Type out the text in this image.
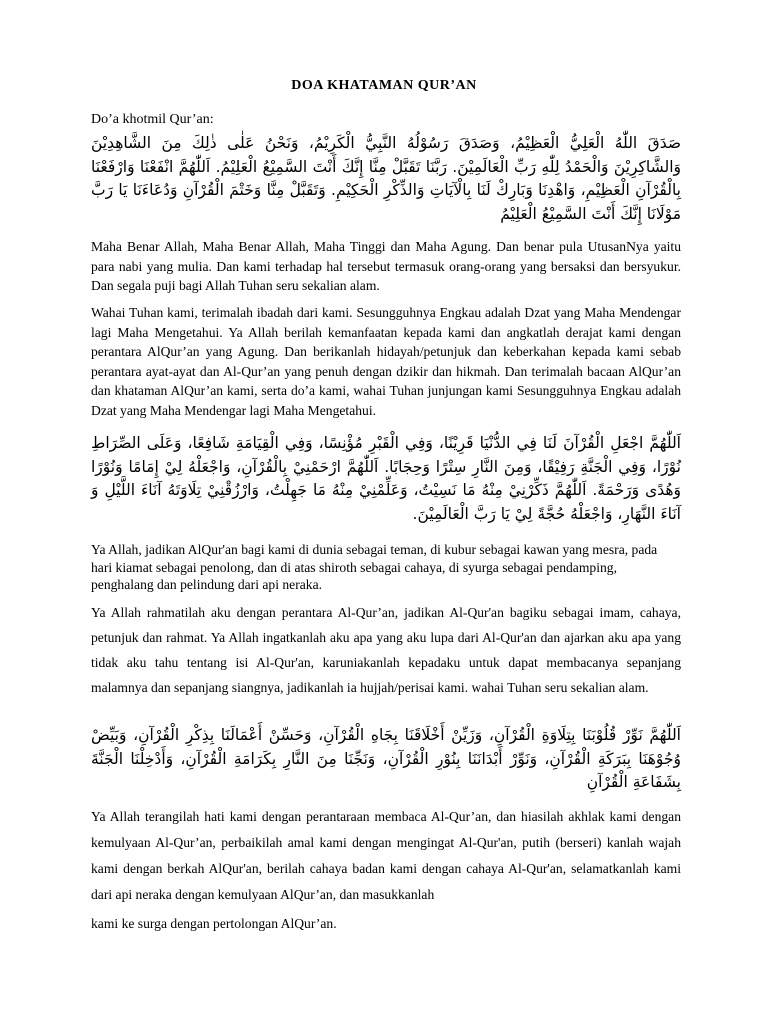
DOA KHATAMAN QUR’AN
Do’a khotmil Qur’an:
صَدَقَ اللّٰهُ الْعَلِيُّ الْعَظِيْمُ، وَصَدَقَ رَسُوْلُهُ النَّبِيُّ الْكَرِيْمُ، وَنَحْنُ عَلٰى ذٰلِكَ مِنَ الشَّاهِدِيْنَ وَالشَّاكِرِيْنَ وَالْحَمْدُ لِلّٰهِ رَبِّ الْعَالَمِيْنَ. رَبَّنَا تَقَبَّلْ مِنَّا إِنَّكَ أَنْتَ السَّمِيْعُ الْعَلِيْمُ. اَللّٰهُمَّ انْفَعْنَا وَارْفَعْنَا بِالْقُرْآنِ الْعَظِيْمِ، وَاهْدِنَا وَبَارِكْ لَنَا بِالْآيَاتِ وَالذِّكْرِ الْحَكِيْمِ. وَتَقَبَّلْ مِنَّا وَخَتْمَ الْقُرْآنِ وَدُعَاءَنَا يَا رَبَّ مَوْلَانَا إِنَّكَ أَنْتَ السَّمِيْعُ الْعَلِيْمُ
Maha Benar Allah, Maha Benar Allah, Maha Tinggi dan Maha Agung. Dan benar pula UtusanNya yaitu para nabi yang mulia. Dan kami terhadap hal tersebut termasuk orang-orang yang bersaksi dan bersyukur. Dan segala puji bagi Allah Tuhan seru sekalian alam.
Wahai Tuhan kami, terimalah ibadah dari kami. Sesungguhnya Engkau adalah Dzat yang Maha Mendengar lagi Maha Mengetahui. Ya Allah berilah kemanfaatan kepada kami dan angkatlah derajat kami dengan perantara AlQur’an yang Agung. Dan berikanlah hidayah/petunjuk dan keberkahan kepada kami sebab perantara ayat-ayat dan Al-Qur’an yang penuh dengan dzikir dan hikmah. Dan terimalah bacaan AlQur’an dan khataman AlQur’an kami, serta do’a kami, wahai Tuhan junjungan kami Sesungguhnya Engkau adalah Dzat yang Maha Mendengar lagi Maha Mengetahui.
اَللّٰهُمَّ اجْعَلِ الْقُرْآنَ لَنَا فِي الدُّنْيَا قَرِيْنًا، وَفِي الْقَبْرِ مُؤْنِسًا، وَفِي الْقِيَامَةِ شَافِعًا، وَعَلَى الصِّرَاطِ نُوْرًا، وَفِي الْجَنَّةِ رَفِيْقًا، وَمِنَ النَّارِ سِتْرًا وَحِجَابًا. اَللّٰهُمَّ ارْحَمْنِيْ بِالْقُرْآنِ، وَاجْعَلْهُ لِيْ إِمَامًا وَنُوْرًا وَهُدًى وَرَحْمَةً. اَللّٰهُمَّ ذَكِّرْنِيْ مِنْهُ مَا نَسِيْتُ، وَعَلِّمْنِيْ مِنْهُ مَا جَهِلْتُ، وَارْزُقْنِيْ تِلَاوَتَهُ آنَاءَ اللَّيْلِ وَ آنَاءَ النَّهَارِ، وَاجْعَلْهُ حُجَّةً لِيْ يَا رَبَّ الْعَالَمِيْنَ.
Ya Allah, jadikan AlQur'an bagi kami di dunia sebagai teman, di kubur sebagai kawan yang mesra, pada hari kiamat sebagai penolong, dan di atas shiroth sebagai cahaya, di syurga sebagai pendamping, penghalang dan pelindung dari api neraka.
Ya Allah rahmatilah aku dengan perantara Al-Qur’an, jadikan Al-Qur'an bagiku sebagai imam, cahaya, petunjuk dan rahmat. Ya Allah ingatkanlah aku apa yang aku lupa dari Al-Qur'an dan ajarkan aku apa yang tidak aku tahu tentang isi Al-Qur'an, karuniakanlah kepadaku untuk dapat membacanya sepanjang malamnya dan sepanjang siangnya, jadikanlah ia hujjah/perisai kami. wahai Tuhan seru sekalian alam.
اَللّٰهُمَّ نَوِّرْ قُلُوْبَنَا بِتِلَاوَةِ الْقُرْآنِ، وَزَيِّنْ أَخْلَاقَنَا بِجَاهِ الْقُرْآنِ، وَحَسِّنْ أَعْمَالَنَا بِذِكْرِ الْقُرْآنِ، وَبَيِّضْ وُجُوْهَنَا بِبَرَكَةِ الْقُرْآنِ، وَنَوِّرْ أَبْدَانَنَا بِنُوْرِ الْقُرْآنِ، وَنَجِّنَا مِنَ النَّارِ بِكَرَامَةِ الْقُرْآنِ، وَأَدْخِلْنَا الْجَنَّةَ بِشَفَاعَةِ الْقُرْآنِ
Ya Allah terangilah hati kami dengan perantaraan membaca Al-Qur’an, dan hiasilah akhlak kami dengan kemulyaan Al-Qur’an, perbaikilah amal kami dengan mengingat Al-Qur'an, putih (berseri) kanlah wajah kami dengan berkah AlQur'an, berilah cahaya badan kami dengan cahaya Al-Qur'an, selamatkanlah kami dari api neraka dengan kemulyaan AlQur’an, dan masukkanlah
kami ke surga dengan pertolongan AlQur’an.
